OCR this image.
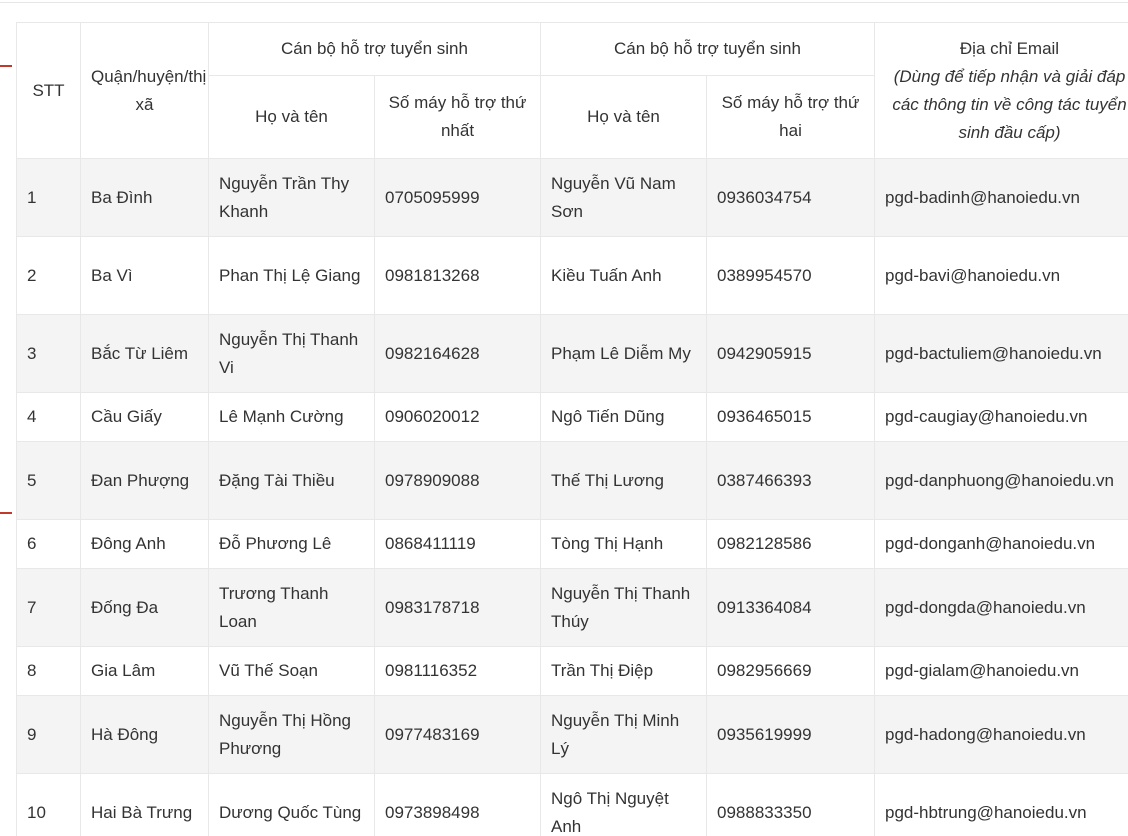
STT	Quận/huyện/thị xã	Cán bộ hỗ trợ tuyển sinh		Cán bộ hỗ trợ tuyển sinh		Địa chỉ Email
(Dùng để tiếp nhận và giải đáp các thông tin về công tác tuyển sinh đầu cấp)

		Họ và tên	Số máy hỗ trợ thứ nhất	Họ và tên	Số máy hỗ trợ thứ hai	
1	Ba Đình	Nguyễn Trần Thy Khanh	0705095999	Nguyễn Vũ Nam Sơn	0936034754	pgd-badinh@hanoiedu.vn
2	Ba Vì	Phan Thị Lệ Giang	0981813268	Kiều Tuấn Anh	0389954570	pgd-bavi@hanoiedu.vn
3	Bắc Từ Liêm	Nguyễn Thị Thanh Vi	0982164628	Phạm Lê Diễm My	0942905915	pgd-bactuliem@hanoiedu.vn
4	Cầu Giấy	Lê Mạnh Cường	0906020012	Ngô Tiến Dũng	0936465015	pgd-caugiay@hanoiedu.vn
5	Đan Phượng	Đặng Tài Thiều	0978909088	Thế Thị Lương	0387466393	pgd-danphuong@hanoiedu.vn
6	Đông Anh	Đỗ Phương Lê	0868411119	Tòng Thị Hạnh	0982128586	pgd-donganh@hanoiedu.vn
7	Đống Đa	Trương Thanh Loan	0983178718	Nguyễn Thị Thanh Thúy	0913364084	pgd-dongda@hanoiedu.vn
8	Gia Lâm	Vũ Thế Soạn	0981116352	Trần Thị Điệp	0982956669	pgd-gialam@hanoiedu.vn
9	Hà Đông	Nguyễn Thị Hồng Phương	0977483169	Nguyễn Thị Minh Lý	0935619999	pgd-hadong@hanoiedu.vn
10	Hai Bà Trưng	Dương Quốc Tùng	0973898498	Ngô Thị Nguyệt Anh	0988833350	pgd-hbtrung@hanoiedu.vn
